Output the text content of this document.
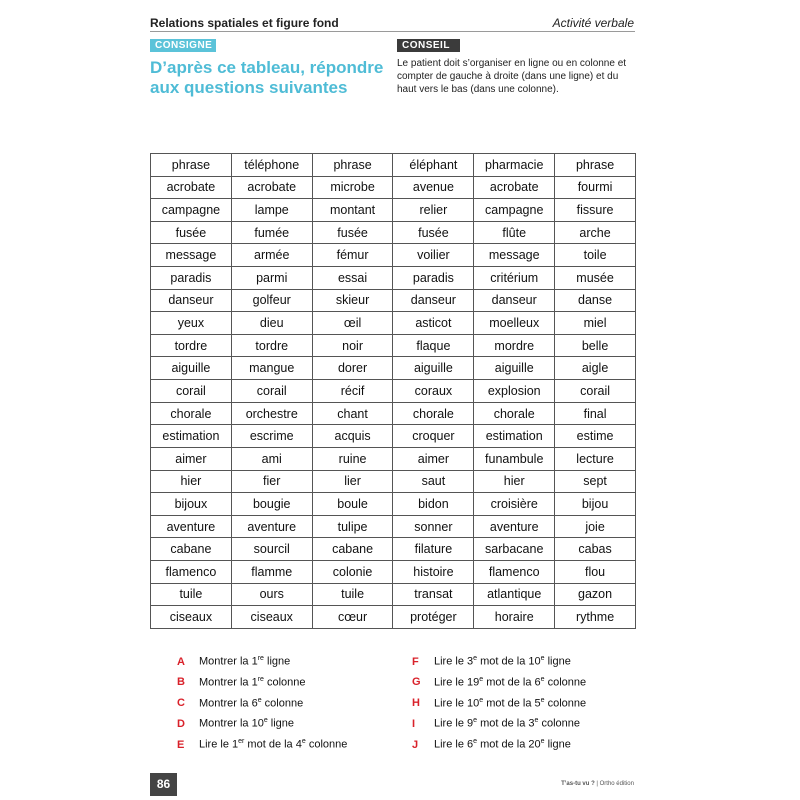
Relations spatiales et figure fond	Activité verbale
CONSIGNE
D’après ce tableau, répondre aux questions suivantes
CONSEIL
Le patient doit s’organiser en ligne ou en colonne et compter de gauche à droite (dans une ligne) et du haut vers le bas (dans une colonne).
phrase	téléphone	phrase	éléphant	pharmacie	phrase
acrobate	acrobate	microbe	avenue	acrobate	fourmi
campagne	lampe	montant	relier	campagne	fissure
fusée	fumée	fusée	fusée	flûte	arche
message	armée	fémur	voilier	message	toile
paradis	parmi	essai	paradis	critérium	musée
danseur	golfeur	skieur	danseur	danseur	danse
yeux	dieu	œil	asticot	moelleux	miel
tordre	tordre	noir	flaque	mordre	belle
aiguille	mangue	dorer	aiguille	aiguille	aigle
corail	corail	récif	coraux	explosion	corail
chorale	orchestre	chant	chorale	chorale	final
estimation	escrime	acquis	croquer	estimation	estime
aimer	ami	ruine	aimer	funambule	lecture
hier	fier	lier	saut	hier	sept
bijoux	bougie	boule	bidon	croisière	bijou
aventure	aventure	tulipe	sonner	aventure	joie
cabane	sourcil	cabane	filature	sarbacane	cabas
flamenco	flamme	colonie	histoire	flamenco	flou
tuile	ours	tuile	transat	atlantique	gazon
ciseaux	ciseaux	cœur	protéger	horaire	rythme
A Montrer la 1re ligne
B Montrer la 1re colonne
C Montrer la 6e colonne
D Montrer la 10e ligne
E Lire le 1er mot de la 4e colonne
F Lire le 3e mot de la 10e ligne
G Lire le 19e mot de la 6e colonne
H Lire le 10e mot de la 5e colonne
I Lire le 9e mot de la 3e colonne
J Lire le 6e mot de la 20e ligne
86	T’as-tu vu ? | Ortho édition
